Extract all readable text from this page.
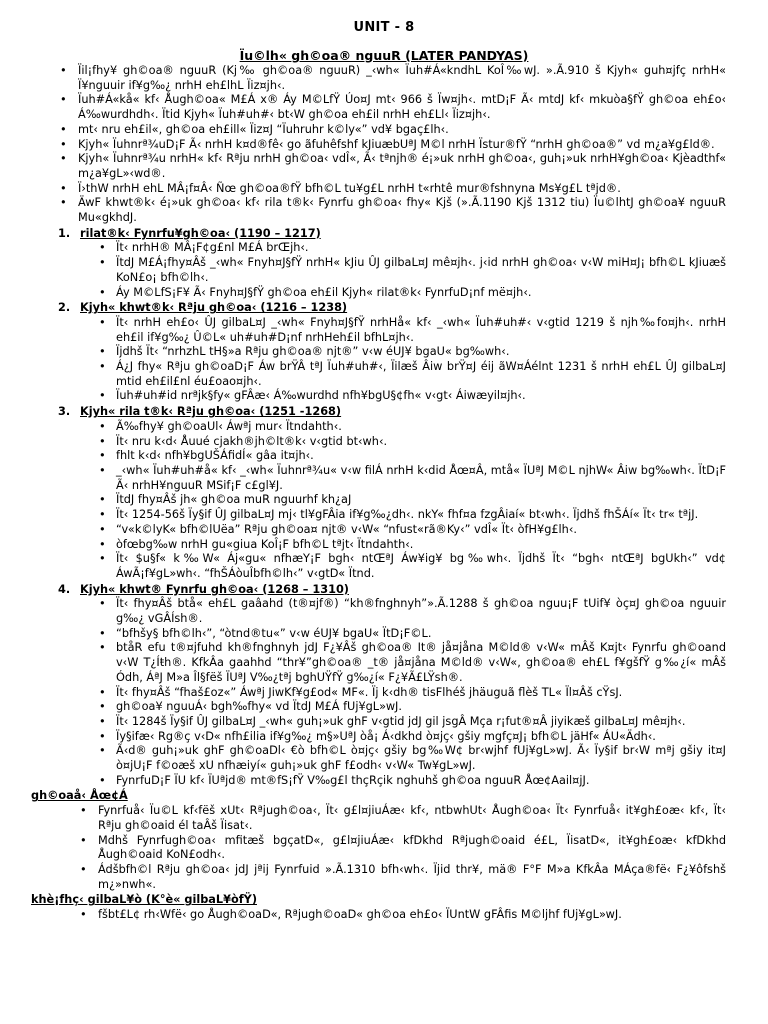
UNIT - 8
Ïu©lh« gh©oa® nguuR (LATER PANDYAS)
• Ïil¡fhy¥ gh©oa® nguuR (Kj‰ gh©oa® nguuR) _‹wh« Ïuh#Á«kndhL KoÎ‰wJ. ».Ã.910 š Kjyh« guh¤jfç nrhH« Ï¥nguuir if¥g‰¿ nrhH eh£lhL Ïiz¤jh‹.
• Ïuh#Á«kå« kf‹ Åugh©oa« M£Á x® Áy M©LfŸ Úo¤J mt‹ 966 š Ïw¤jh‹. mtD¡F Ã‹ mtdJ kf‹ mkuòa§fŸ gh©oa eh£o‹ Á‰wurdhdh‹. Ïtid Kjyh« Ïuh#uh#‹ bt‹W gh©oa eh£il nrhH eh£Ll‹ Ïiz¤jh‹.
• mt‹ nru eh£il«, gh©oa eh£ill« Ïiz¤J “Ïuhruhr k©ly«” vd¥ bgaç£lh‹.
• Kjyh« Ïuhnrª¾uD¡F Ã‹ nrhH k¤d®fê‹ go ãfuhêfshf kJiuæbUªJ M©l nrhH Ïstur®fŸ “nrhH gh©oa®” vd m¿a¥g£ld®.
• Kjyh« Ïuhnrª¾u nrhH« kf‹ Rªju nrhH gh©oa‹ vdÎ«, Ã‹ tªnjh® é¡»uk nrhH gh©oa‹, guh¡»uk nrhH¥gh©oa‹ Kjèadthf« m¿a¥gL»‹wd®.
• Ï›thW nrhH ehL MÂ¡f¤Â‹ Ñœ gh©oa®fŸ bfh©L tu¥g£L nrhH t«rhtê mur®fshnyna Ms¥g£L tªjd®.
• ÄwF khwt®k‹ é¡»uk gh©oa‹ kf‹ rila t®k‹ Fynrfu gh©oa‹ fhy« Kjš (».Ã.1190 Kjš 1312 tiu) Ïu©lhtJ gh©oa¥ nguuR Mu«gkhdJ.
1. rilat®k‹ Fynrfu¥gh©oa‹ (1190 – 1217)
• Ït‹ nrhH® MÂ¡F¢g£nl M£Á brŒjh‹.
• ÏtdJ M£Á¡fhy¤Âš _‹wh« Fnyh¤J§fŸ nrhH« kJiu ÛJ gilbaL¤J mê¤jh‹. j‹id nrhH gh©oa‹ v‹W miH¤J¡ bfh©L kJiuæš KoN£o¡ bfh©lh‹.
• Áy M©LfS¡F¥ Ã‹ Fnyh¤J§fŸ gh©oa eh£il Kjyh« rilat®k‹ FynrfuD¡nf më¤jh‹.
2. Kjyh« khwt®k‹ Rªju gh©oa‹ (1216 – 1238)
• Ït‹ nrhH eh£o‹ ÛJ gilbaL¤J _‹wh« Fnyh¤J§fŸ nrhHå« kf‹ _‹wh« Ïuh#uh#‹ v‹gtid 1219 š njh‰fo¤jh‹. nrhH eh£il if¥g‰¿ Û©L« uh#uh#D¡nf nrhHeh£il bfhL¤jh‹.
• Ïjdhš Ït‹ “nrhzhL tH§»a Rªju gh©oa® njt®” v‹w éUJ¥ bgaU« bg‰wh‹.
• Á¿J fhy« Rªju gh©oaD¡F Áw brŸÂ tªJ Ïuh#uh#‹, Ïilæš Âiw brŸ¤J éij ãW¤Áélnt 1231 š nrhH eh£L ÛJ gilbaL¤J mtid eh£il£nl éu£oao¤jh‹.
• Ïuh#uh#id nrªjk§fy« gFÂæ‹ Á‰wurdhd nfh¥bgU§¢fh« v‹gt‹ Áiwæyil¤jh‹.
3. Kjyh« rila t®k‹ Rªju gh©oa‹ (1251 -1268)
• Ã‰fhy¥ gh©oaUl‹ Áwªj mur‹ Ïtndahth‹.
• Ït‹ nru k‹d‹ Åuué cjakh®jh©lt®k‹ v‹gtid bt‹wh‹.
• fhlt k‹d‹ nfh¥bgUŠÁfidÍ« gâa it¤jh‹.
• _‹wh« Ïuh#uh#å« kf‹ _‹wh« Ïuhnrª¾u« v‹w filÁ nrhH k‹did Åœ¤Â, mtå« ÏUªJ M©L njhW« Âiw bg‰wh‹. ÏtD¡F Ã‹ nrhH¥nguuR MSif¡F c£gl¥J.
• ÏtdJ fhy¤Âš jh« gh©oa muR nguurhf kh¿aJ
• Ït‹ 1254-56š Ïy§if ÛJ gilbaL¤J mj‹ tl¥gFÂia if¥g‰¿dh‹. nkY« fhf¤a fzgÂiaí« bt‹wh‹. Ïjdhš fhŠÁí« Ït‹ tr« tªjJ.
• “v«k©lyK« bfh©lUëa” Rªju gh©oa¤ njt® v‹W« “nfust«rã®Ky‹” vdÎ« Ït‹ òfH¥g£lh‹.
• òfœbg‰w nrhH gu«giua KoÎ¡F bfh©L tªjt‹ Ïtndahth‹.
• Ït‹ $u§f« k‰W« Áj«gu« nfhæY¡F bgh‹ ntŒªJ Áw¥ig¥ bg‰wh‹. Ïjdhš Ït‹ “bgh‹ ntŒªJ bgUkh‹” vd¢ ÁwÃ¡f¥gL»wh‹. “fhŠÁòuÎbfh©lh‹” v‹gtD« Ïtnd.
4. Kjyh« khwt® Fynrfu gh©oa‹ (1268 – 1310)
• Ït‹ fhy¤Âš btå« eh£L gaâahd (t®¤jf®) “kh®fnghnyh”».Ã.1288 š gh©oa nguu¡F tUif¥ òç¤J gh©oa nguuir g‰¿ vGÂÍsh®.
• “bfhšy§ bfh©lh‹”, “òtnd®tu«” v‹w éUJ¥ bgaU« ÏtD¡F©L.
• btåR efu t®¤jfuhd kh®fnghnyh jdJ F¿¥Âš gh©oa® It® jå¤jåna M©ld® v‹W« mÂš K¤jt‹ Fynrfu gh©oand v‹W T¿Íŧh®. KfkÂa gaahhd “thr¥”gh©oa® _t® jå¤jåna M©ld® v‹W«, gh©oa® eh£L f¥gšfŸ g‰¿í« mÂš Ódh, ÁªJ M»a Îl§fëš ÏUªJ V‰¿tªj bghUŸfŸ g‰¿í« F¿¥Ã£LŸsh®.
• Ït‹ fhy¤Âš “fhaš£oz«” Áwªj JiwKf¥g£od« MF«. Ïj k‹dh® tisFlhéš jhäuguã flèš TL« Ïl¤Âš cŸsJ.
• gh©oa¥ nguuÁ‹ bgh‰fhy« vd ÏtdJ M£Á fUj¥gL»wJ.
• Ït‹ 1284š Ïy§if ÛJ gilbaL¤J _‹wh« guh¡»uk ghF v‹gtid jdJ gil jsgÂ Mça r¡fut®¤Â jiyikæš gilbaL¤J mê¤jh‹.
• Ïy§ifæ‹ Rg®ç v‹D« nfh£ilia if¥g‰¿ m§»UªJ òå¡ Á‹dkhd ò¤jç‹ gšiy mgfç¤J¡ bfh©L jäHf« ÁU«Ädh‹.
• Ã‹d® guh¡»uk ghF gh©oaDl‹ €ò bfh©L ò¤jç‹ gšiy bg‰W¢ br‹wjhf fUj¥gL»wJ. Ã‹ Ïy§if br‹W mªj gšiy it¤J ò¤jU¡F f©oæš xU nfhæiyí« guh¡»uk ghF f£odh‹ v‹W« Tw¥gL»wJ.
• FynrfuD¡F ÏU kf‹ ÏUªjd® mt®fS¡fŸ V‰g£l thçRçik nghuhš gh©oa nguuR Åœ¢Aail¤jJ.
gh©oaå‹ Åœ¢Á
• Fynrfuå‹ Ïu©L kf‹fëš xUt‹ Rªjugh©oa‹, Ït‹ g£l¤jiuÁæ‹ kf‹, ntbwhUt‹ Åugh©oa‹ Ït‹ Fynrfuå‹ it¥gh£oæ‹ kf‹, Ït‹ Rªju gh©oaid él taÂš Ïisat‹.
• Mdhš Fynrfugh©oa‹ mfitæš bgçatD«, g£l¤jiuÁæ‹ kfDkhd Rªjugh©oaid é£L, ÏisatD«, it¥gh£oæ‹ kfDkhd Åugh©oaid KoN£odh‹.
• Ádšbfh©l Rªju gh©oa‹ jdJ jªij Fynrfuid ».Ã.1310 bfh‹wh‹. Ïjid thr¥, mä® F°F M»a KfkÂa MÁça®fë‹ F¿¥ôfshš m¿»nwh«.
khè¡fhç‹ gilbaL¥ò (K°è« gilbaL¥òfŸ)
• fšbt£L¢ rh‹Wfë‹ go Åugh©oaD«, Rªjugh©oaD« gh©oa eh£o‹ ÏUntW gFÂfis M©ljhf fUj¥gL»wJ.
